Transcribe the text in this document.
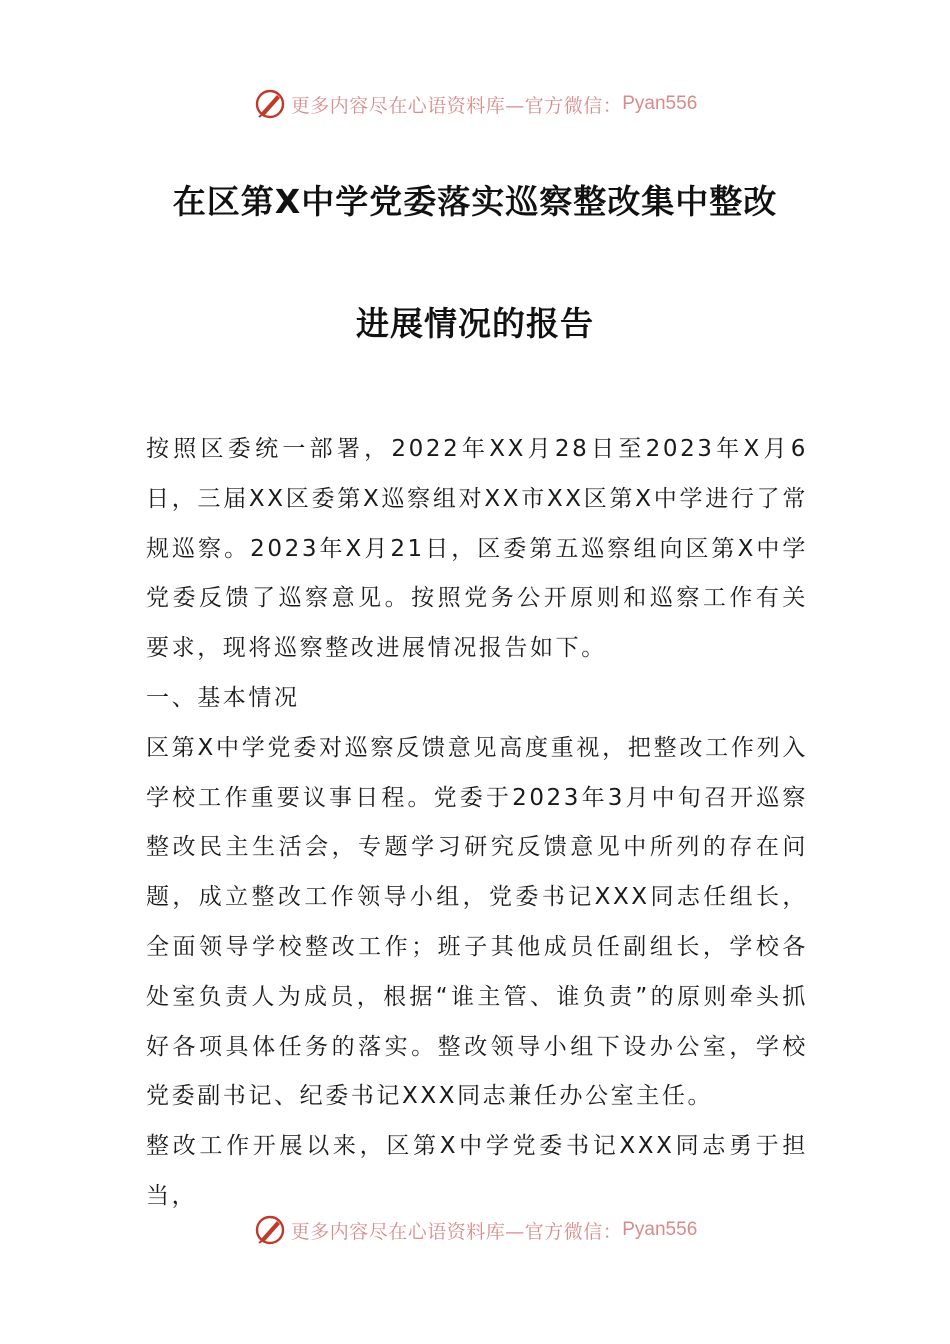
更多内容尽在心语资料库—官方微信： Pyan556
在区第X中学党委落实巡察整改集中整改
进展情况的报告

按照区委统一部署，2022年XX月28日至2023年X月6日，三届XX区委第X巡察组对XX市XX区第X中学进行了常规巡察。2023年X月21日，区委第五巡察组向区第X中学党委反馈了巡察意见。按照党务公开原则和巡察工作有关要求，现将巡察整改进展情况报告如下。

一、基本情况

区第X中学党委对巡察反馈意见高度重视，把整改工作列入学校工作重要议事日程。党委于2023年3月中旬召开巡察整改民主生活会，专题学习研究反馈意见中所列的存在问题，成立整改工作领导小组，党委书记XXX同志任组长，全面领导学校整改工作；班子其他成员任副组长，学校各处室负责人为成员，根据“谁主管、谁负责”的原则牵头抓好各项具体任务的落实。整改领导小组下设办公室，学校党委副书记、纪委书记XXX同志兼任办公室主任。

整改工作开展以来，区第X中学党委书记XXX同志勇于担当，

更多内容尽在心语资料库—官方微信： Pyan556
